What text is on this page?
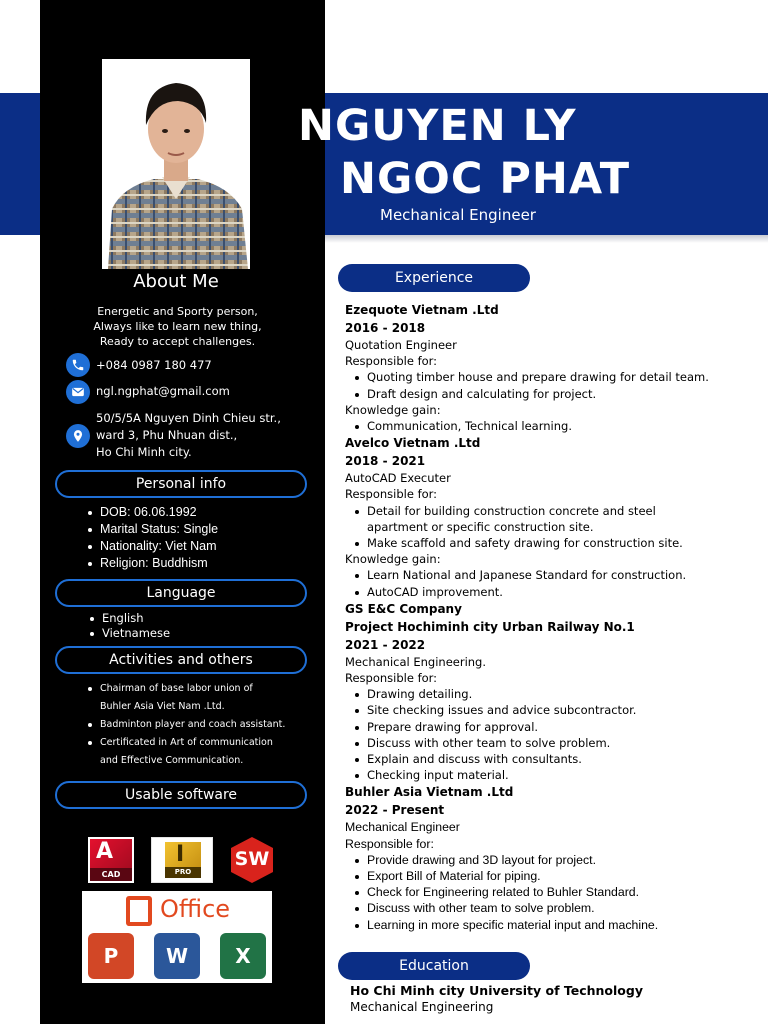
NGUYEN LY
NGOC PHAT
Mechanical Engineer
About Me
Energetic and Sporty person,
Always like to learn new thing,
Ready to accept challenges.
+084 0987 180 477
ngl.ngphat@gmail.com
50/5/5A Nguyen Dinh Chieu str.,
ward 3, Phu Nhuan dist.,
Ho Chi Minh city.
Personal info
DOB: 06.06.1992
Marital Status: Single
Nationality: Viet Nam
Religion: Buddhism
Language
English
Vietnamese
Activities and others
Chairman of base labor union of
Buhler Asia Viet Nam .Ltd.
Badminton player and coach assistant.
Certificated in Art of communication
and Effective Communication.
Usable software
A
CAD
I
PRO
SW
Office
P	W	X
Experience
Ezequote Vietnam .Ltd
2016 - 2018
Quotation Engineer
Responsible for:
Quoting timber house and prepare drawing for detail team.
Draft design and calculating for project.
Knowledge gain:
Communication, Technical learning.
Avelco Vietnam .Ltd
2018 - 2021
AutoCAD Executer
Responsible for:
Detail for building construction concrete and steel
apartment or specific construction site.
Make scaffold and safety drawing for construction site.
Knowledge gain:
Learn National and Japanese Standard for construction.
AutoCAD improvement.
GS E&C Company
Project Hochiminh city Urban Railway No.1
2021 - 2022
Mechanical Engineering.
Responsible for:
Drawing detailing.
Site checking issues and advice subcontractor.
Prepare drawing for approval.
Discuss with other team to solve problem.
Explain and discuss with consultants.
Checking input material.
Buhler Asia Vietnam .Ltd
2022 - Present
Mechanical Engineer
Responsible for:
Provide drawing and 3D layout for project.
Export Bill of Material for piping.
Check for Engineering related to Buhler Standard.
Discuss with other team to solve problem.
Learning in more specific material input and machine.
Education
Ho Chi Minh city University of Technology
Mechanical Engineering
